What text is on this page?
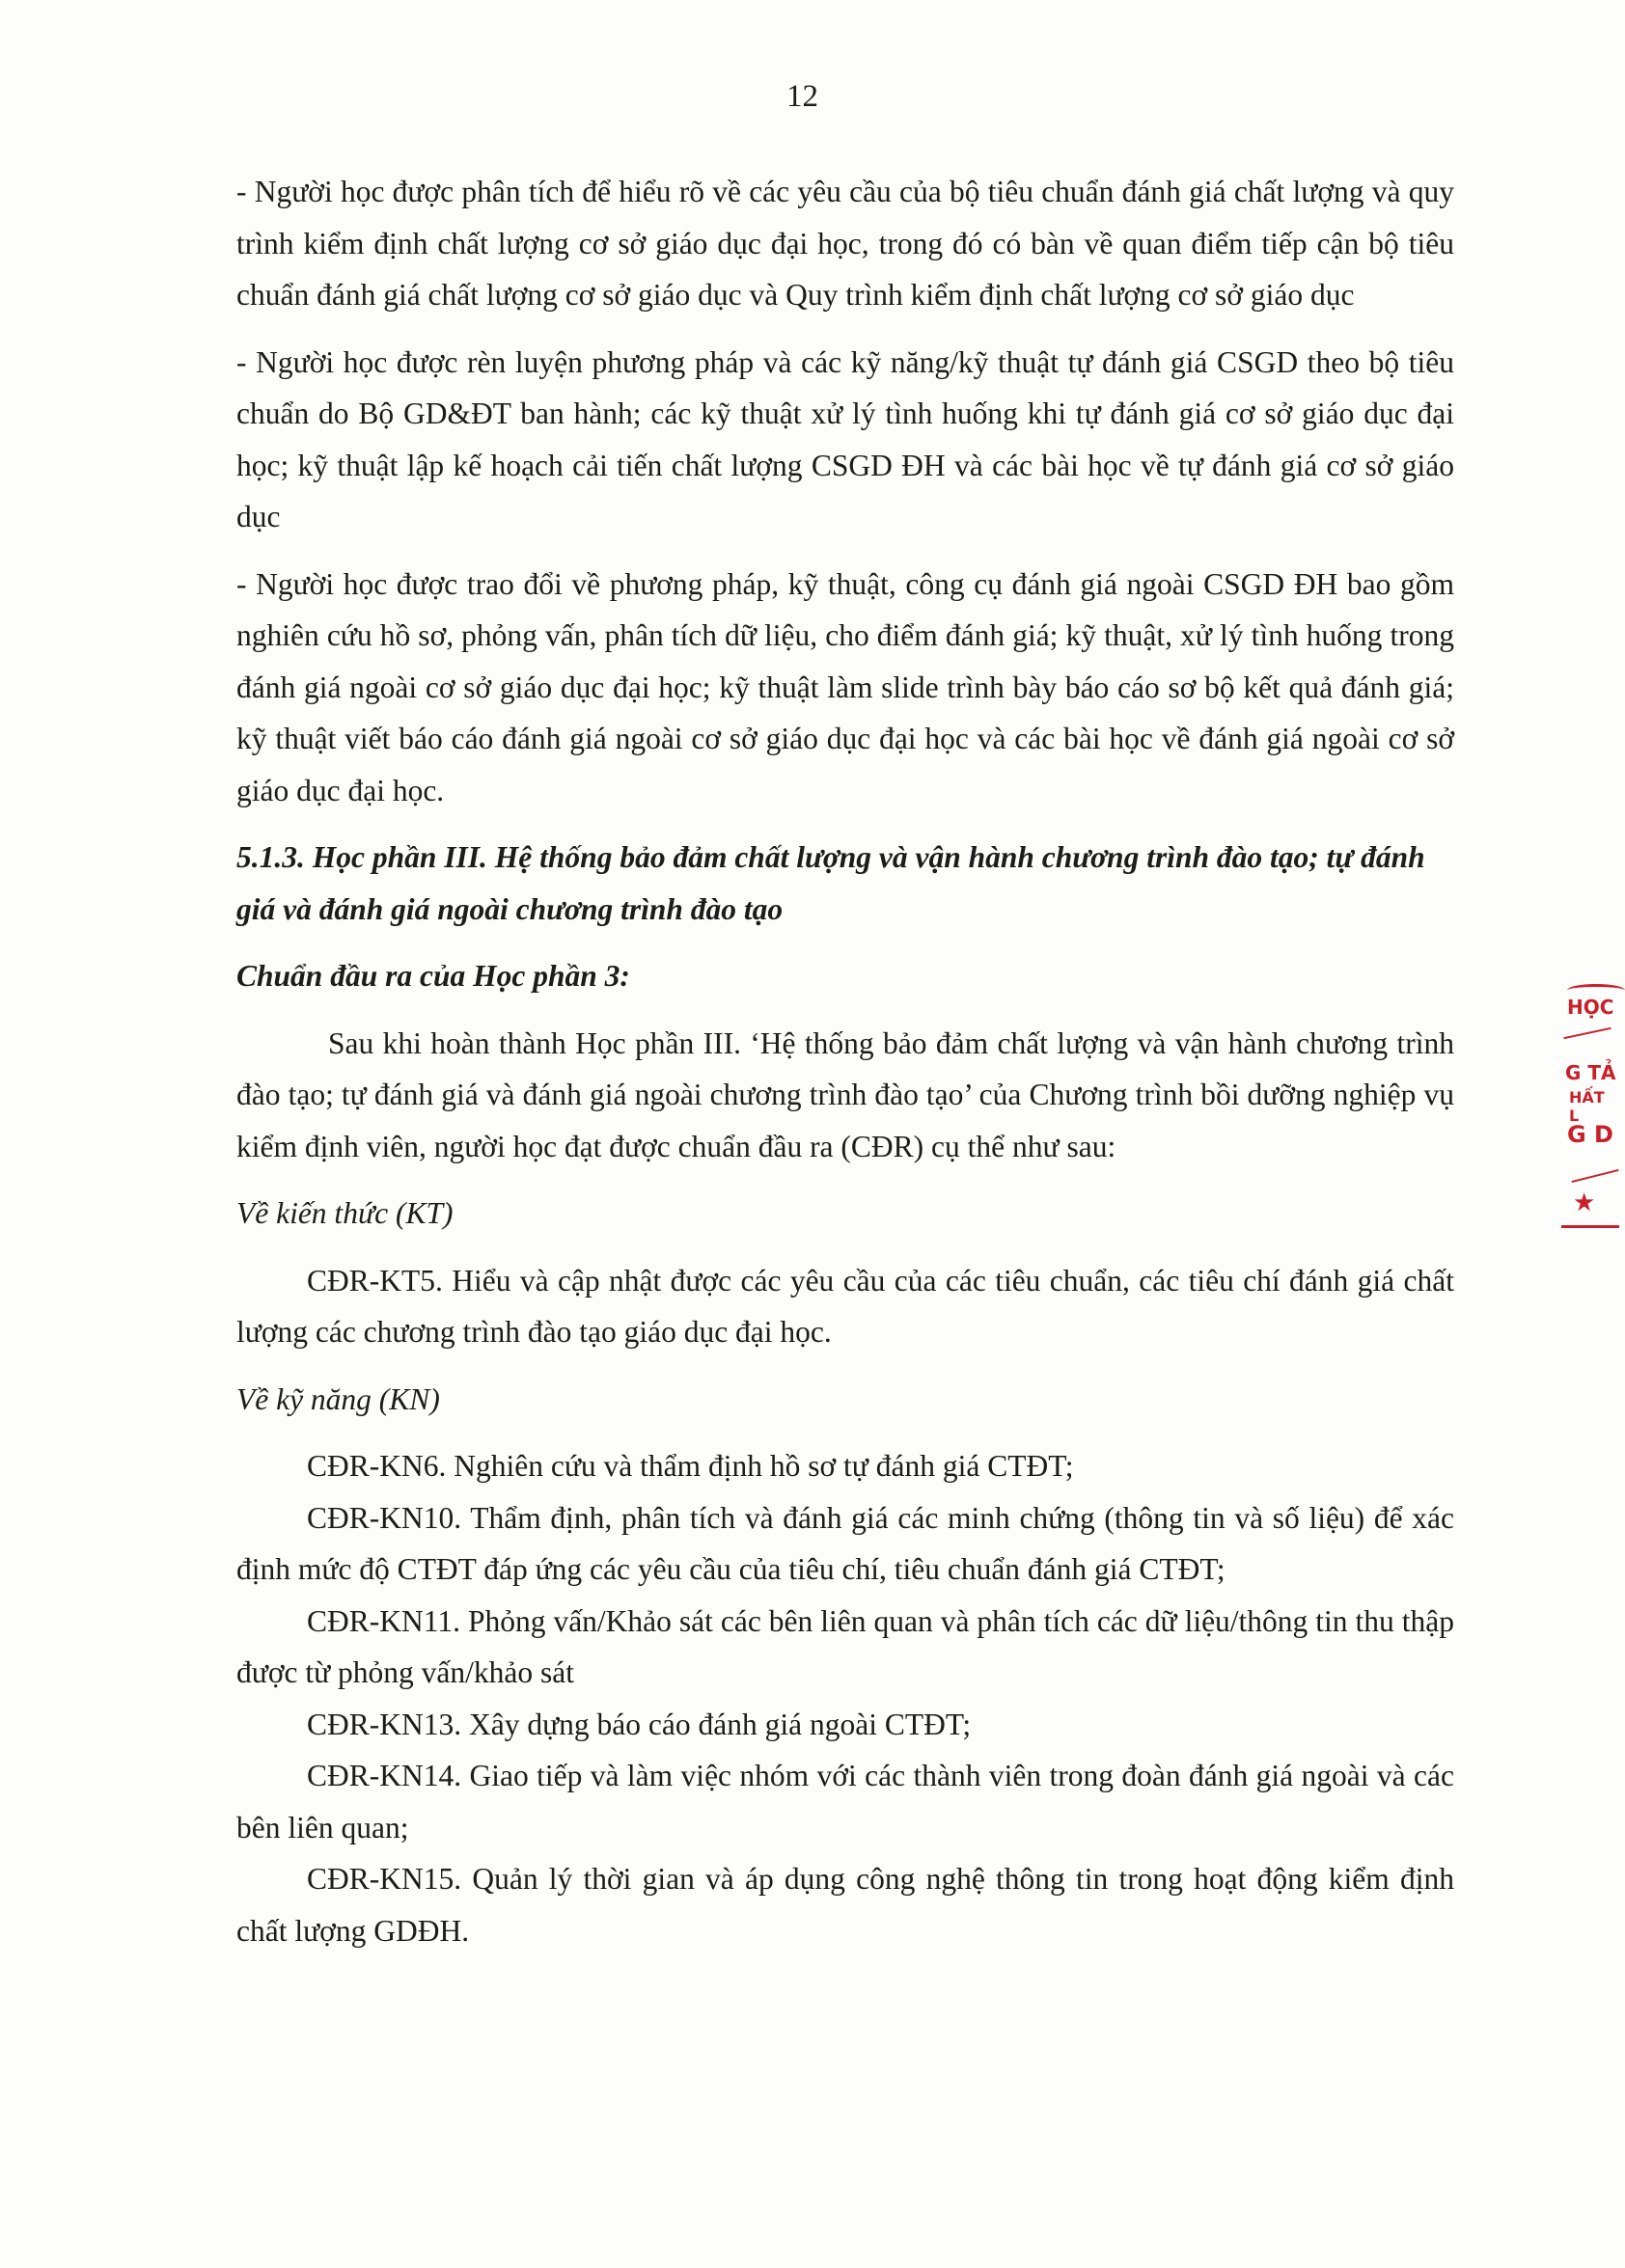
12

- Người học được phân tích để hiểu rõ về các yêu cầu của bộ tiêu chuẩn đánh giá chất lượng và quy trình kiểm định chất lượng cơ sở giáo dục đại học, trong đó có bàn về quan điểm tiếp cận bộ tiêu chuẩn đánh giá chất lượng cơ sở giáo dục và Quy trình kiểm định chất lượng cơ sở giáo dục

- Người học được rèn luyện phương pháp và các kỹ năng/kỹ thuật tự đánh giá CSGD theo bộ tiêu chuẩn do Bộ GD&ĐT ban hành; các kỹ thuật xử lý tình huống khi tự đánh giá cơ sở giáo dục đại học; kỹ thuật lập kế hoạch cải tiến chất lượng CSGD ĐH và các bài học về tự đánh giá cơ sở giáo dục

- Người học được trao đổi về phương pháp, kỹ thuật, công cụ đánh giá ngoài CSGD ĐH bao gồm nghiên cứu hồ sơ, phỏng vấn, phân tích dữ liệu, cho điểm đánh giá; kỹ thuật, xử lý tình huống trong đánh giá ngoài cơ sở giáo dục đại học; kỹ thuật làm slide trình bày báo cáo sơ bộ kết quả đánh giá; kỹ thuật viết báo cáo đánh giá ngoài cơ sở giáo dục đại học và các bài học về đánh giá ngoài cơ sở giáo dục đại học.

5.1.3. Học phần III. Hệ thống bảo đảm chất lượng và vận hành chương trình đào tạo; tự đánh giá và đánh giá ngoài chương trình đào tạo

Chuẩn đầu ra của Học phần 3:

Sau khi hoàn thành Học phần III. ‘Hệ thống bảo đảm chất lượng và vận hành chương trình đào tạo; tự đánh giá và đánh giá ngoài chương trình đào tạo’ của Chương trình bồi dưỡng nghiệp vụ kiểm định viên, người học đạt được chuẩn đầu ra (CĐR) cụ thể như sau:

Về kiến thức (KT)

CĐR-KT5. Hiểu và cập nhật được các yêu cầu của các tiêu chuẩn, các tiêu chí đánh giá chất lượng các chương trình đào tạo giáo dục đại học.

Về kỹ năng (KN)

CĐR-KN6. Nghiên cứu và thẩm định hồ sơ tự đánh giá CTĐT;

CĐR-KN10. Thẩm định, phân tích và đánh giá các minh chứng (thông tin và số liệu) để xác định mức độ CTĐT đáp ứng các yêu cầu của tiêu chí, tiêu chuẩn đánh giá CTĐT;

CĐR-KN11. Phỏng vấn/Khảo sát các bên liên quan và phân tích các dữ liệu/thông tin thu thập được từ phỏng vấn/khảo sát

CĐR-KN13. Xây dựng báo cáo đánh giá ngoài CTĐT;

CĐR-KN14. Giao tiếp và làm việc nhóm với các thành viên trong đoàn đánh giá ngoài và các bên liên quan;

CĐR-KN15. Quản lý thời gian và áp dụng công nghệ thông tin trong hoạt động kiểm định chất lượng GDĐH.

HỌC
G TẢ
HẤT L
G D
★
